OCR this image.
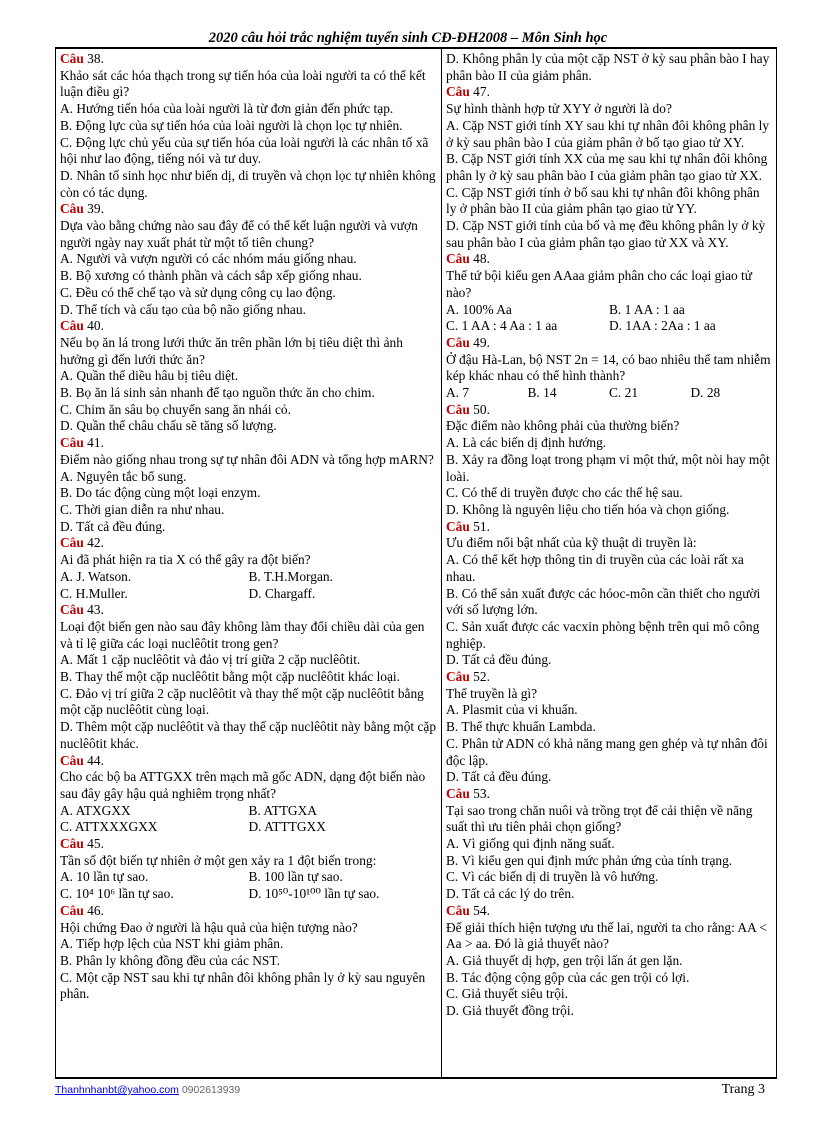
2020 câu hỏi trắc nghiệm tuyển sinh CĐ-ĐH2008 – Môn Sinh học
Câu 38.
Khảo sát các hóa thạch trong sự tiến hóa của loài người ta có thể kết luận điều gì?
A. Hướng tiến hóa của loài người là từ đơn giản đến phức tạp.
B. Động lực của sự tiến hóa của loài người là chọn lọc tự nhiên.
C. Động lực chủ yếu của sự tiến hóa của loài người là các nhân tố xã hội như lao động, tiếng nói và tư duy.
D. Nhân tố sinh học như biến dị, di truyền và chọn lọc tự nhiên không còn có tác dụng.
Câu 39.
Dựa vào bằng chứng nào sau đây để có thể kết luận người và vượn người ngày nay xuất phát từ một tổ tiên chung?
A. Người và vượn người có các nhóm máu giống nhau.
B. Bộ xương có thành phần và cách sắp xếp giống nhau.
C. Đều có thể chế tạo và sử dụng công cụ lao động.
D. Thể tích và cấu tạo của bộ não giống nhau.
Câu 40.
Nếu bọ ăn lá trong lưới thức ăn trên phần lớn bị tiêu diệt thì ảnh hưởng gì đến lưới thức ăn?
A. Quần thể diều hâu bị tiêu diệt.
B. Bọ ăn lá sinh sản nhanh để tạo nguồn thức ăn cho chim.
C. Chim ăn sâu bọ chuyển sang ăn nhái cỏ.
D. Quần thể châu chấu sẽ tăng số lượng.
Câu 41.
Điểm nào giống nhau trong sự tự nhân đôi ADN và tổng hợp mARN?
A. Nguyên tắc bổ sung.
B. Do tác động cùng một loại enzym.
C. Thời gian diễn ra như nhau.
D. Tất cả đều đúng.
Câu 42.
Ai đã phát hiện ra tia X có thể gây ra đột biến?
A. J. Watson.	B. T.H.Morgan.
C. H.Muller.	D. Chargaff.
Câu 43.
Loại đột biến gen nào sau đây không làm thay đổi chiều dài của gen và tỉ lệ giữa các loại nuclêôtit trong gen?
A. Mất 1 cặp nuclêôtit và đảo vị trí giữa 2 cặp nuclêôtit.
B. Thay thế một cặp nuclêôtit bằng một cặp nuclêôtit khác loại.
C. Đảo vị trí giữa 2 cặp nuclêôtit và thay thế một cặp nuclêôtit bằng một cặp nuclêôtit cùng loại.
D. Thêm một cặp nuclêôtit và thay thế cặp nuclêôtit này bằng một cặp nuclêôtit khác.
Câu 44.
Cho các bộ ba ATTGXX trên mạch mã gốc ADN, dạng đột biến nào sau đây gây hậu quả nghiêm trọng nhất?
A. ATXGXX	B. ATTGXA
C. ATTXXXGXX	D. ATTTGXX
Câu 45.
Tần số đột biến tự nhiên ở một gen xảy ra 1 đột biến trong:
A. 10 lần tự sao.	B. 100 lần tự sao.
C. 10⁴ 10⁶ lần tự sao.	D. 10⁵⁰-10¹⁰⁰ lần tự sao.
Câu 46.
Hội chứng Đao ở người là hậu quả của hiện tượng nào?
A. Tiếp hợp lệch của NST khi giảm phân.
B. Phân ly không đồng đều của các NST.
C. Một cặp NST sau khi tự nhân đôi không phân ly ở kỳ sau nguyên phân.
D. Không phân ly của một cặp NST ở kỳ sau phân bào I hay phân bào II của giảm phân.
Câu 47.
Sự hình thành hợp tử XYY ở người là do?
A. Cặp NST giới tính XY sau khi tự nhân đôi không phân ly ở kỳ sau phân bào I của giảm phân ở bố tạo giao tử XY.
B. Cặp NST giới tính XX của mẹ sau khi tự nhân đôi không phân ly ở kỳ sau phân bào I của giảm phân tạo giao tử XX.
C. Cặp NST giới tính ở bố sau khi tự nhân đôi không phân ly ở phân bào II của giảm phân tạo giao tử YY.
D. Cặp NST giới tính của bố và mẹ đều không phân ly ở kỳ sau phân bào I của giảm phân tạo giao tử XX và XY.
Câu 48.
Thể tứ bội kiểu gen AAaa giảm phân cho các loại giao tử nào?
A. 100% Aa	B. 1 AA : 1 aa
C. 1 AA : 4 Aa : 1 aa	D. 1AA : 2Aa : 1 aa
Câu 49.
Ở đậu Hà-Lan, bộ NST 2n = 14, có bao nhiêu thể tam nhiễm kép khác nhau có thể hình thành?
A. 7	B. 14	C. 21	D. 28
Câu 50.
Đặc điểm nào không phải của thường biến?
A. Là các biến dị định hướng.
B. Xảy ra đồng loạt trong phạm vi một thứ, một nòi hay một loài.
C. Có thể di truyền được cho các thế hệ sau.
D. Không là nguyên liệu cho tiến hóa và chọn giống.
Câu 51.
Ưu điểm nổi bật nhất của kỹ thuật di truyền là:
A. Có thể kết hợp thông tin di truyền của các loài rất xa nhau.
B. Có thể sản xuất được các hóoc-môn cần thiết cho người với số lượng lớn.
C. Sản xuất được các vacxin phòng bệnh trên qui mô công nghiệp.
D. Tất cả đều đúng.
Câu 52.
Thể truyền là gì?
A. Plasmit của vi khuẩn.
B. Thể thực khuẩn Lambda.
C. Phân tử ADN có khả năng mang gen ghép và tự nhân đôi độc lập.
D. Tất cả đều đúng.
Câu 53.
Tại sao trong chăn nuôi và trồng trọt để cải thiện về năng suất thì ưu tiên phải chọn giống?
A. Vì giống qui định năng suất.
B. Vì kiểu gen qui định mức phản ứng của tính trạng.
C. Vì các biến dị di truyền là vô hướng.
D. Tất cả các lý do trên.
Câu 54.
Để giải thích hiện tượng ưu thế lai, người ta cho rằng: AA < Aa > aa. Đó là giả thuyết nào?
A. Giả thuyết dị hợp, gen trội lấn át gen lặn.
B. Tác động cộng gộp của các gen trội có lợi.
C. Giả thuyết siêu trội.
D. Giả thuyết đồng trội.
Thanhnhanbt@yahoo.com 0902613939	Trang 3
